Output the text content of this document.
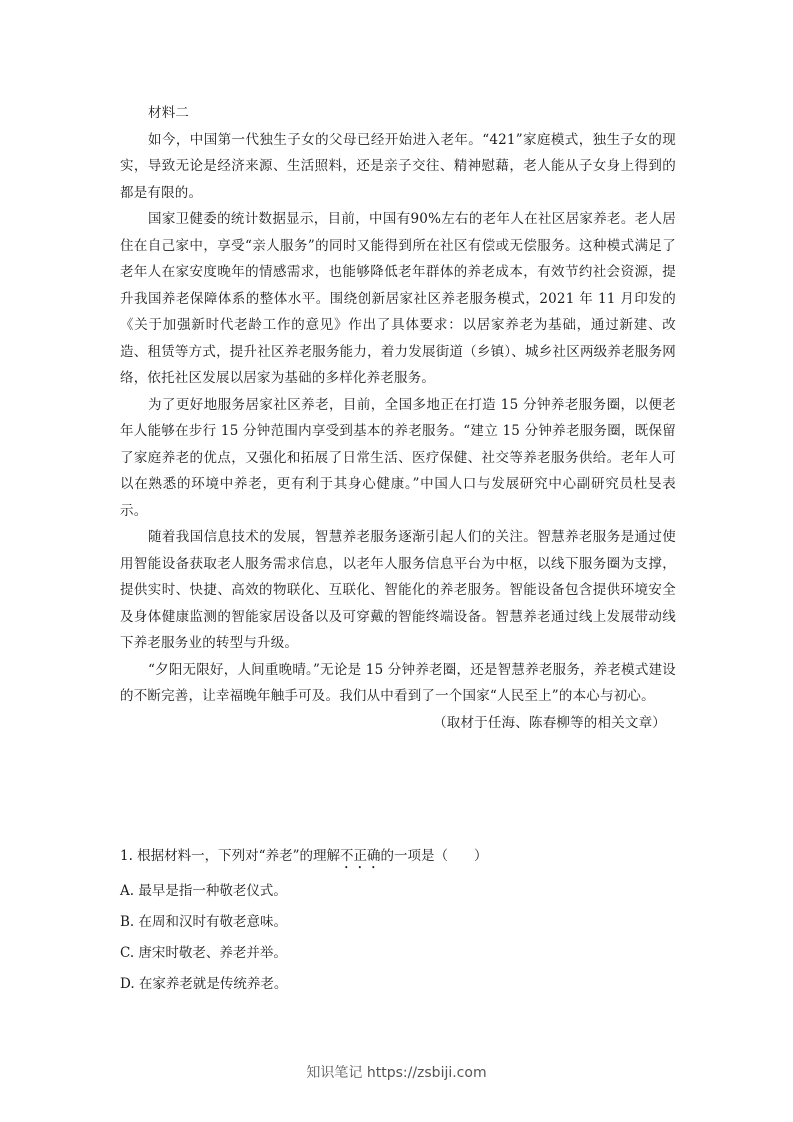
材料二

如今，中国第一代独生子女的父母已经开始进入老年。“421”家庭模式，独生子女的现实，导致无论是经济来源、生活照料，还是亲子交往、精神慰藉，老人能从子女身上得到的都是有限的。

国家卫健委的统计数据显示，目前，中国有90%左右的老年人在社区居家养老。老人居住在自己家中，享受“亲人服务”的同时又能得到所在社区有偿或无偿服务。这种模式满足了老年人在家安度晚年的情感需求，也能够降低老年群体的养老成本，有效节约社会资源，提升我国养老保障体系的整体水平。围绕创新居家社区养老服务模式，2021 年 11 月印发的《关于加强新时代老龄工作的意见》作出了具体要求：以居家养老为基础，通过新建、改造、租赁等方式，提升社区养老服务能力，着力发展街道（乡镇）、城乡社区两级养老服务网络，依托社区发展以居家为基础的多样化养老服务。

为了更好地服务居家社区养老，目前，全国多地正在打造 15 分钟养老服务圈，以便老年人能够在步行 15 分钟范围内享受到基本的养老服务。“建立 15 分钟养老服务圈，既保留了家庭养老的优点，又强化和拓展了日常生活、医疗保健、社交等养老服务供给。老年人可以在熟悉的环境中养老，更有利于其身心健康。”中国人口与发展研究中心副研究员杜旻表示。

随着我国信息技术的发展，智慧养老服务逐渐引起人们的关注。智慧养老服务是通过使用智能设备获取老人服务需求信息，以老年人服务信息平台为中枢，以线下服务圈为支撑，提供实时、快捷、高效的物联化、互联化、智能化的养老服务。智能设备包含提供环境安全及身体健康监测的智能家居设备以及可穿戴的智能终端设备。智慧养老通过线上发展带动线下养老服务业的转型与升级。

“夕阳无限好，人间重晚晴。”无论是 15 分钟养老圈，还是智慧养老服务，养老模式建设的不断完善，让幸福晚年触手可及。我们从中看到了一个国家“人民至上”的本心与初心。

（取材于任海、陈春柳等的相关文章）

1. 根据材料一，下列对“养老”的理解不正确的一项是（ ）

A. 最早是指一种敬老仪式。

B. 在周和汉时有敬老意味。

C. 唐宋时敬老、养老并举。

D. 在家养老就是传统养老。

知识笔记 https://zsbiji.com
